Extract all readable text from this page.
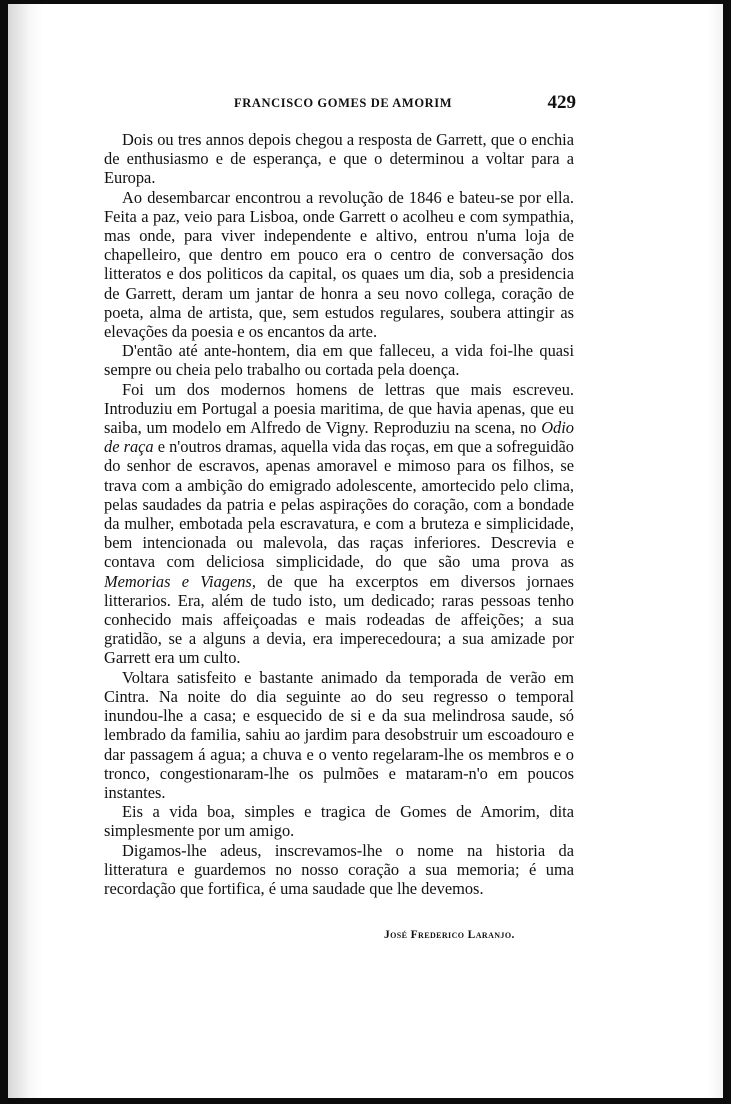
FRANCISCO GOMES DE AMORIM	429

Dois ou tres annos depois chegou a resposta de Garrett, que o enchia de enthusiasmo e de esperança, e que o determinou a voltar para a Europa.

Ao desembarcar encontrou a revolução de 1846 e bateu-se por ella. Feita a paz, veio para Lisboa, onde Garrett o acolheu e com sympathia, mas onde, para viver independente e altivo, entrou n'uma loja de chapelleiro, que dentro em pouco era o centro de conversação dos litteratos e dos politicos da capital, os quaes um dia, sob a presidencia de Garrett, deram um jantar de honra a seu novo collega, coração de poeta, alma de artista, que, sem estudos regulares, soubera attingir as elevações da poesia e os encantos da arte.

D'então até ante-hontem, dia em que falleceu, a vida foi-lhe quasi sempre ou cheia pelo trabalho ou cortada pela doença.

Foi um dos modernos homens de lettras que mais escreveu. Introduziu em Portugal a poesia maritima, de que havia apenas, que eu saiba, um modelo em Alfredo de Vigny. Reproduziu na scena, no Odio de raça e n'outros dramas, aquella vida das roças, em que a sofreguidão do senhor de escravos, apenas amoravel e mimoso para os filhos, se trava com a ambição do emigrado adolescente, amortecido pelo clima, pelas saudades da patria e pelas aspirações do coração, com a bondade da mulher, embotada pela escravatura, e com a bruteza e simplicidade, bem intencionada ou malevola, das raças inferiores. Descrevia e contava com deliciosa simplicidade, do que são uma prova as Memorias e Viagens, de que ha excerptos em diversos jornaes litterarios. Era, além de tudo isto, um dedicado; raras pessoas tenho conhecido mais affeiçoadas e mais rodeadas de affeições; a sua gratidão, se a alguns a devia, era imperecedoura; a sua amizade por Garrett era um culto.

Voltara satisfeito e bastante animado da temporada de verão em Cintra. Na noite do dia seguinte ao do seu regresso o temporal inundou-lhe a casa; e esquecido de si e da sua melindrosa saude, só lembrado da familia, sahiu ao jardim para desobstruir um escoadouro e dar passagem á agua; a chuva e o vento regelaram-lhe os membros e o tronco, congestionaram-lhe os pulmões e mataram-n'o em poucos instantes.

Eis a vida boa, simples e tragica de Gomes de Amorim, dita simplesmente por um amigo.

Digamos-lhe adeus, inscrevamos-lhe o nome na historia da litteratura e guardemos no nosso coração a sua memoria; é uma recordação que fortifica, é uma saudade que lhe devemos.

José Frederico Laranjo.
